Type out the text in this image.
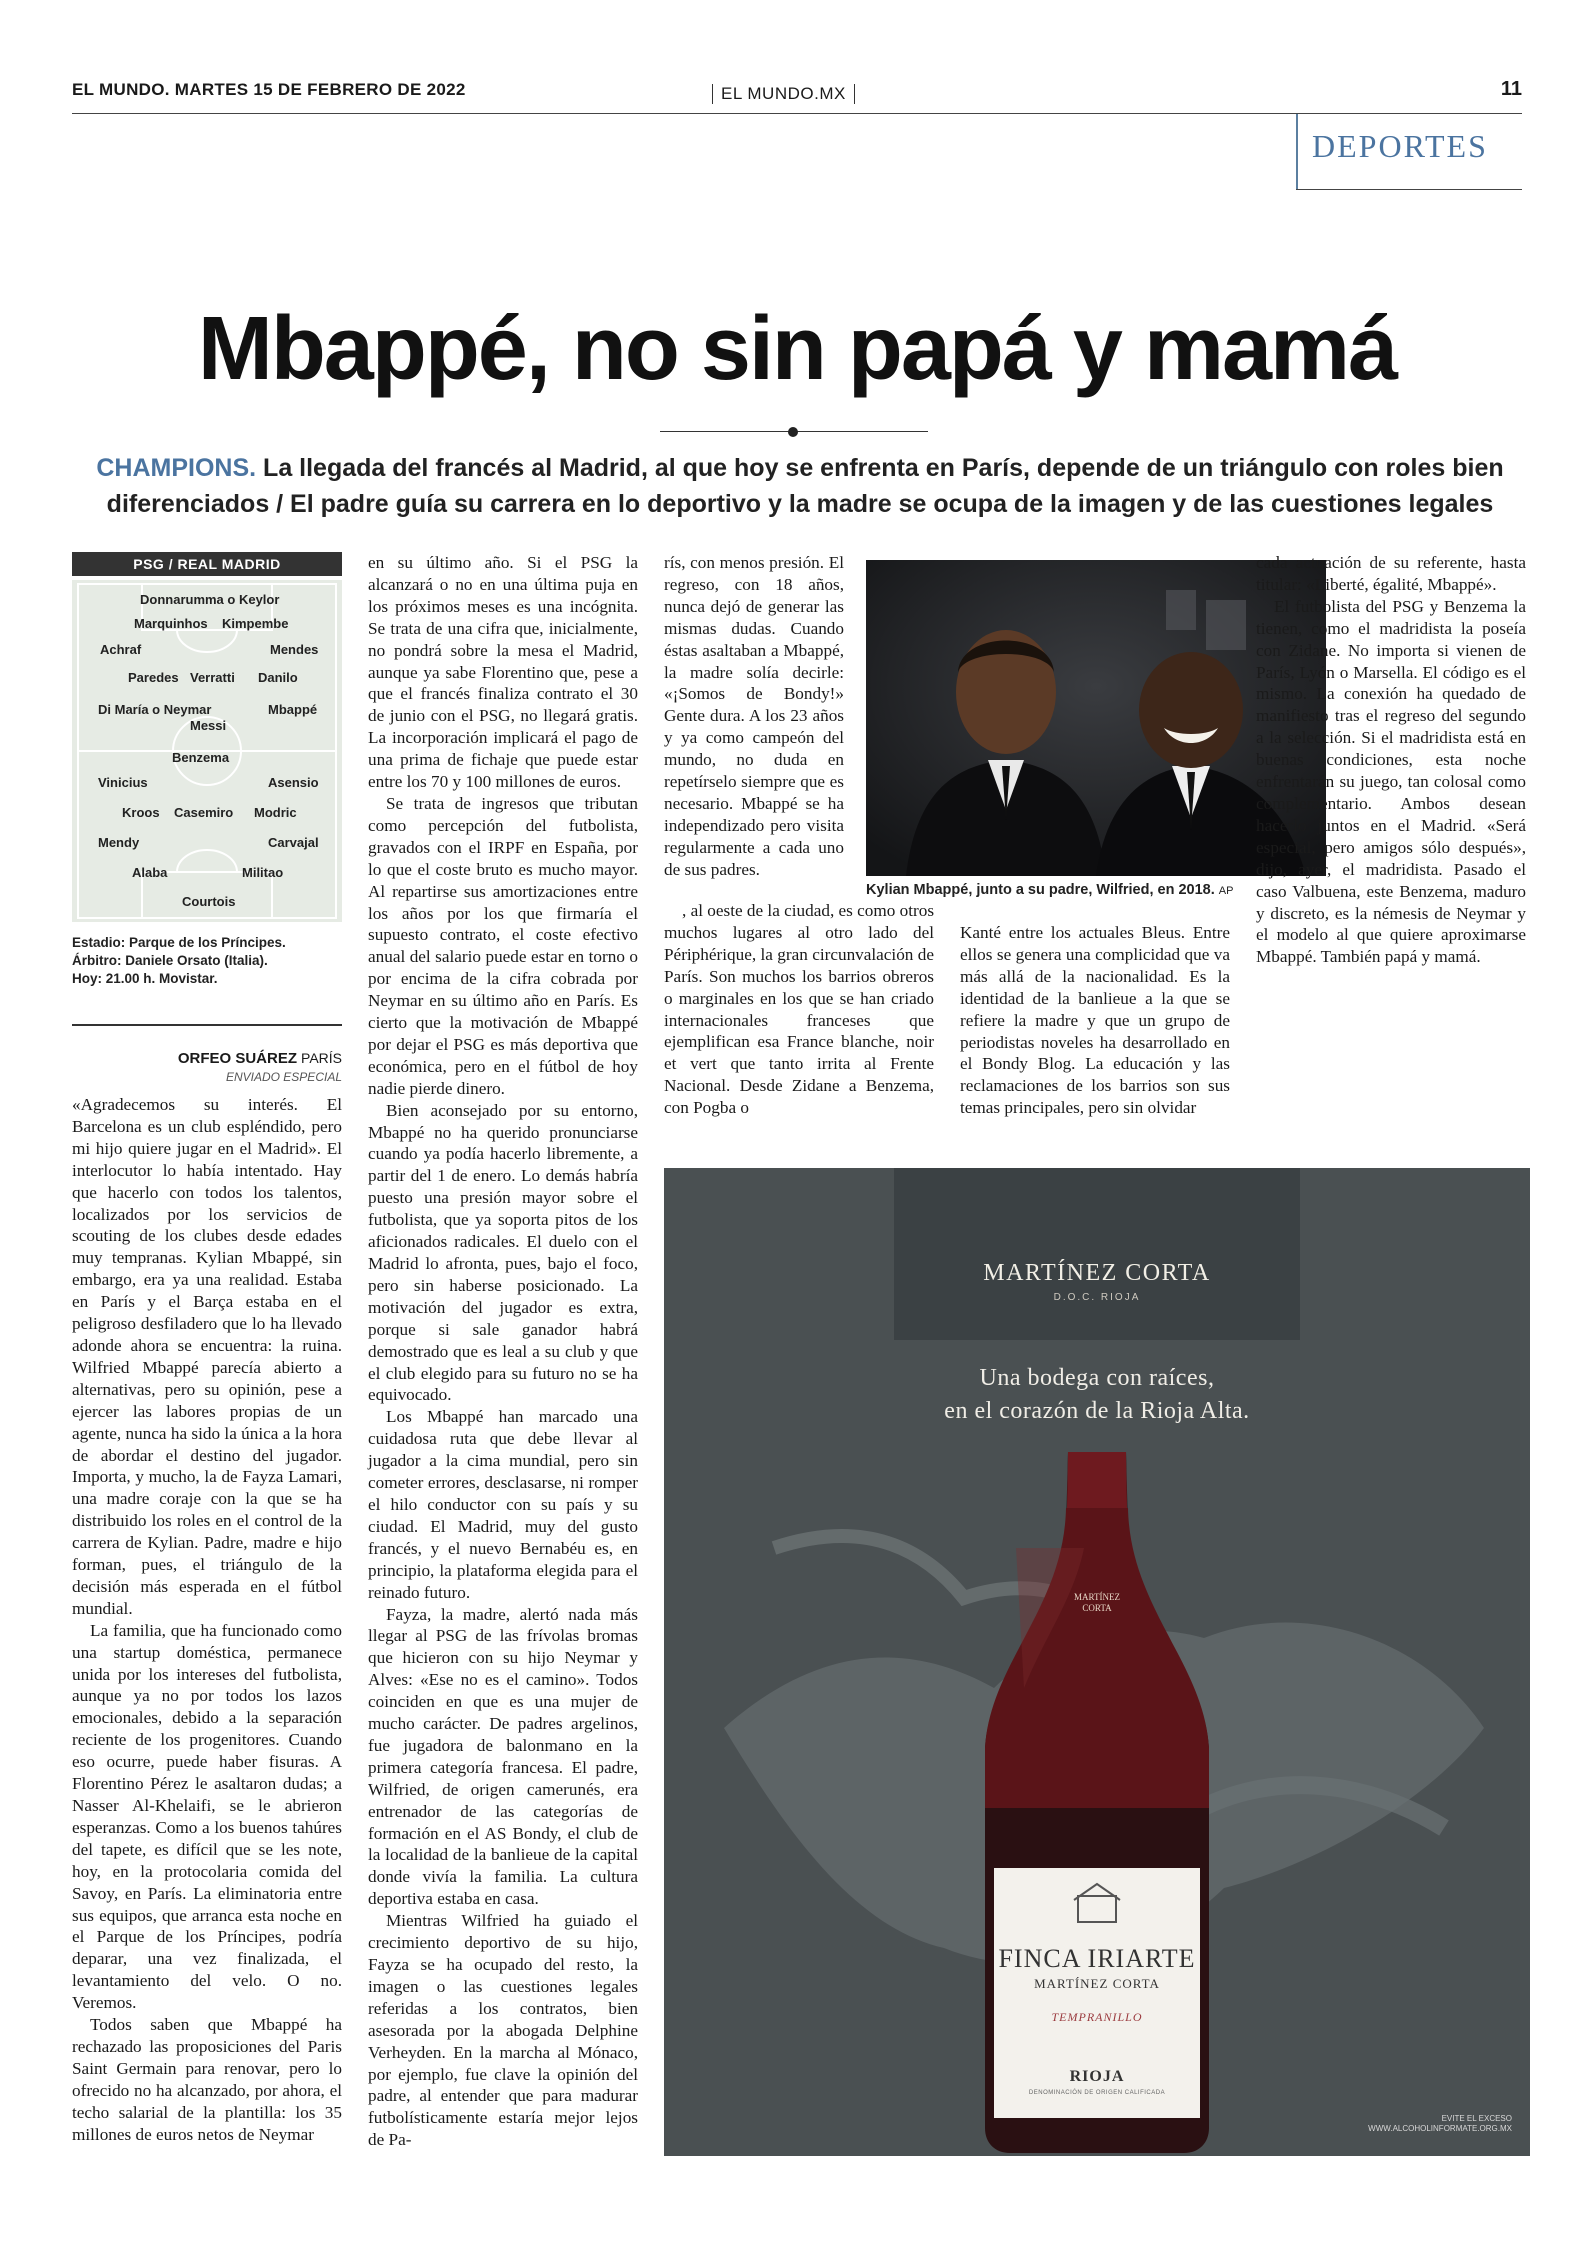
EL MUNDO. MARTES 15 DE FEBRERO DE 2022	EL MUNDO.MX	11
DEPORTES
Mbappé, no sin papá y mamá
CHAMPIONS. La llegada del francés al Madrid, al que hoy se enfrenta en París, depende de un triángulo con roles bien diferenciados / El padre guía su carrera en lo deportivo y la madre se ocupa de la imagen y de las cuestiones legales
PSG / REAL MADRID
Donnarumma o Keylor
Marquinhos Kimpembe
Achraf	Mendes
Paredes Verratti Danilo
Di María o Neymar	Mbappé
Messi
Benzema
Vinicius	Asensio
Kroos Casemiro Modric
Mendy	Carvajal
Alaba	Militao
Courtois
Estadio: Parque de los Príncipes.
Árbitro: Daniele Orsato (Italia).
Hoy: 21.00 h. Movistar.
ORFEO SUÁREZ PARÍS
ENVIADO ESPECIAL

«Agradecemos su interés. El Barcelona es un club espléndido, pero mi hijo quiere jugar en el Madrid». El interlocutor lo había intentado. Hay que hacerlo con todos los talentos, localizados por los servicios de scouting de los clubes desde edades muy tempranas. Kylian Mbappé, sin embargo, era ya una realidad. Estaba en París y el Barça estaba en el peligroso desfiladero que lo ha llevado adonde ahora se encuentra: la ruina. Wilfried Mbappé parecía abierto a alternativas, pero su opinión, pese a ejercer las labores propias de un agente, nunca ha sido la única a la hora de abordar el destino del jugador. Importa, y mucho, la de Fayza Lamari, una madre coraje con la que se ha distribuido los roles en el control de la carrera de Kylian. Padre, madre e hijo forman, pues, el triángulo de la decisión más esperada en el fútbol mundial.

La familia, que ha funcionado como una startup doméstica, permanece unida por los intereses del futbolista, aunque ya no por todos los lazos emocionales, debido a la separación reciente de los progenitores. Cuando eso ocurre, puede haber fisuras. A Florentino Pérez le asaltaron dudas; a Nasser Al-Khelaifi, se le abrieron esperanzas. Como a los buenos tahúres del tapete, es difícil que se les note, hoy, en la protocolaria comida del Savoy, en París. La eliminatoria entre sus equipos, que arranca esta noche en el Parque de los Príncipes, podría deparar, una vez finalizada, el levantamiento del velo. O no. Veremos.

Todos saben que Mbappé ha rechazado las proposiciones del Paris Saint Germain para renovar, pero lo ofrecido no ha alcanzado, por ahora, el techo salarial de la plantilla: los 35 millones de euros netos de Neymar

en su último año. Si el PSG la alcanzará o no en una última puja en los próximos meses es una incógnita. Se trata de una cifra que, inicialmente, no pondrá sobre la mesa el Madrid, aunque ya sabe Florentino que, pese a que el francés finaliza contrato el 30 de junio con el PSG, no llegará gratis. La incorporación implicará el pago de una prima de fichaje que puede estar entre los 70 y 100 millones de euros.

Se trata de ingresos que tributan como percepción del futbolista, gravados con el IRPF en España, por lo que el coste bruto es mucho mayor. Al repartirse sus amortizaciones entre los años por los que firmaría el supuesto contrato, el coste efectivo anual del salario puede estar en torno o por encima de la cifra cobrada por Neymar en su último año en París. Es cierto que la motivación de Mbappé por dejar el PSG es más deportiva que económica, pero en el fútbol de hoy nadie pierde dinero.

Bien aconsejado por su entorno, Mbappé no ha querido pronunciarse cuando ya podía hacerlo libremente, a partir del 1 de enero. Lo demás habría puesto una presión mayor sobre el futbolista, que ya soporta pitos de los aficionados radicales. El duelo con el Madrid lo afronta, pues, bajo el foco, pero sin haberse posicionado. La motivación del jugador es extra, porque si sale ganador habrá demostrado que es leal a su club y que el club elegido para su futuro no se ha equivocado.

Los Mbappé han marcado una cuidadosa ruta que debe llevar al jugador a la cima mundial, pero sin cometer errores, desclasarse, ni romper el hilo conductor con su país y su ciudad. El Madrid, muy del gusto francés, y el nuevo Bernabéu es, en principio, la plataforma elegida para el reinado futuro.

Fayza, la madre, alertó nada más llegar al PSG de las frívolas bromas que hicieron con su hijo Neymar y Alves: «Ese no es el camino». Todos coinciden en que es una mujer de mucho carácter. De padres argelinos, fue jugadora de balonmano en la primera categoría francesa. El padre, Wilfried, de origen camerunés, era entrenador de las categorías de formación en el AS Bondy, el club de la localidad de la banlieue de la capital donde vivía la familia. La cultura deportiva estaba en casa.

Mientras Wilfried ha guiado el crecimiento deportivo de su hijo, Fayza se ha ocupado del resto, la imagen o las cuestiones legales referidas a los contratos, bien asesorada por la abogada Delphine Verheyden. En la marcha al Mónaco, por ejemplo, fue clave la opinión del padre, al entender que para madurar futbolísticamente estaría mejor lejos de Pa-

rís, con menos presión. El regreso, con 18 años, nunca dejó de generar las mismas dudas. Cuando éstas asaltaban a Mbappé, la madre solía decirle: «¡Somos de Bondy!» Gente dura. A los 23 años y ya como campeón del mundo, no duda en repetírselo siempre que es necesario. Mbappé se ha independizado pero visita regularmente a cada uno de sus padres.

, al oeste de la ciudad, es como otros muchos lugares al otro lado del Périphérique, la gran circunvalación de París. Son muchos los barrios obreros o marginales en los que se han criado internacionales franceses que ejemplifican esa France blanche, noir et vert que tanto irrita al Frente Nacional. Desde Zidane a Benzema, con Pogba o

Kylian Mbappé, junto a su padre, Wilfried, en 2018. AP

Kanté entre los actuales Bleus. Entre ellos se genera una complicidad que va más allá de la nacionalidad. Es la identidad de la banlieue a la que se refiere la madre y que un grupo de periodistas noveles ha desarrollado en el Bondy Blog. La educación y las reclamaciones de los barrios son sus temas principales, pero sin olvidar

cada actuación de su referente, hasta titular: «Liberté, égalité, Mbappé».

El futbolista del PSG y Benzema la tienen, como el madridista la poseía con Zidane. No importa si vienen de París, Lyón o Marsella. El código es el mismo. La conexión ha quedado de manifiesto tras el regreso del segundo a la selección. Si el madridista está en buenas condiciones, esta noche enfrentarán su juego, tan colosal como complementario. Ambos desean hacerlo juntos en el Madrid. «Será especial, pero amigos sólo después», dijo, ayer, el madridista. Pasado el caso Valbuena, este Benzema, maduro y discreto, es la némesis de Neymar y el modelo al que quiere aproximarse Mbappé. También papá y mamá.

MARTÍNEZ CORTA
D.O.C. RIOJA
Una bodega con raíces,
en el corazón de la Rioja Alta.
MARTÍNEZ
CORTA
FINCA IRIARTE
MARTÍNEZ CORTA
TEMPRANILLO
RIOJA
DENOMINACIÓN DE ORIGEN CALIFICADA
EVITE EL EXCESO
WWW.ALCOHOLINFORMATE.ORG.MX
